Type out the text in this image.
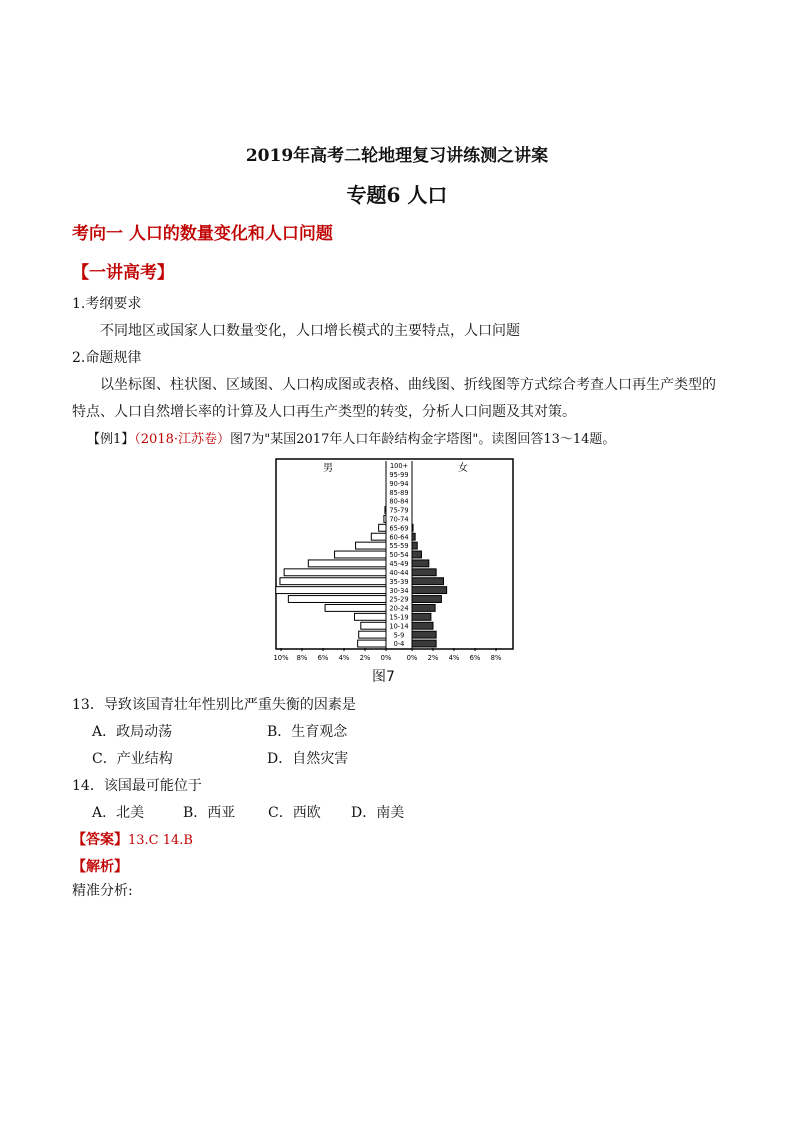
2019年高考二轮地理复习讲练测之讲案
专题6 人口
考向一 人口的数量变化和人口问题
【一讲高考】
1.考纲要求
不同地区或国家人口数量变化，人口增长模式的主要特点，人口问题
2.命题规律
以坐标图、柱状图、区域图、人口构成图或表格、曲线图、折线图等方式综合考查人口再生产类型的
特点、人口自然增长率的计算及人口再生产类型的转变，分析人口问题及其对策。
【例1】（2018·江苏卷）图7为"某国2017年人口年龄结构金字塔图"。读图回答13～14题。
男	女
0-4
5-9
10-14
15-19
20-24
25-29
30-34
35-39
40-44
45-49
50-54
55-59
60-64
65-69
70-74
75-79
80-84
85-89
90-94
95-99
100+
10% 8% 6% 4% 2% 0% 0% 2% 4% 6% 8%
图7
13．导致该国青壮年性别比严重失衡的因素是
A．政局动荡	B．生育观念
C．产业结构	D．自然灾害
14．该国最可能位于
A．北美	B．西亚 C．西欧 D．南美
【答案】13.C 14.B
【解析】
精准分析:
